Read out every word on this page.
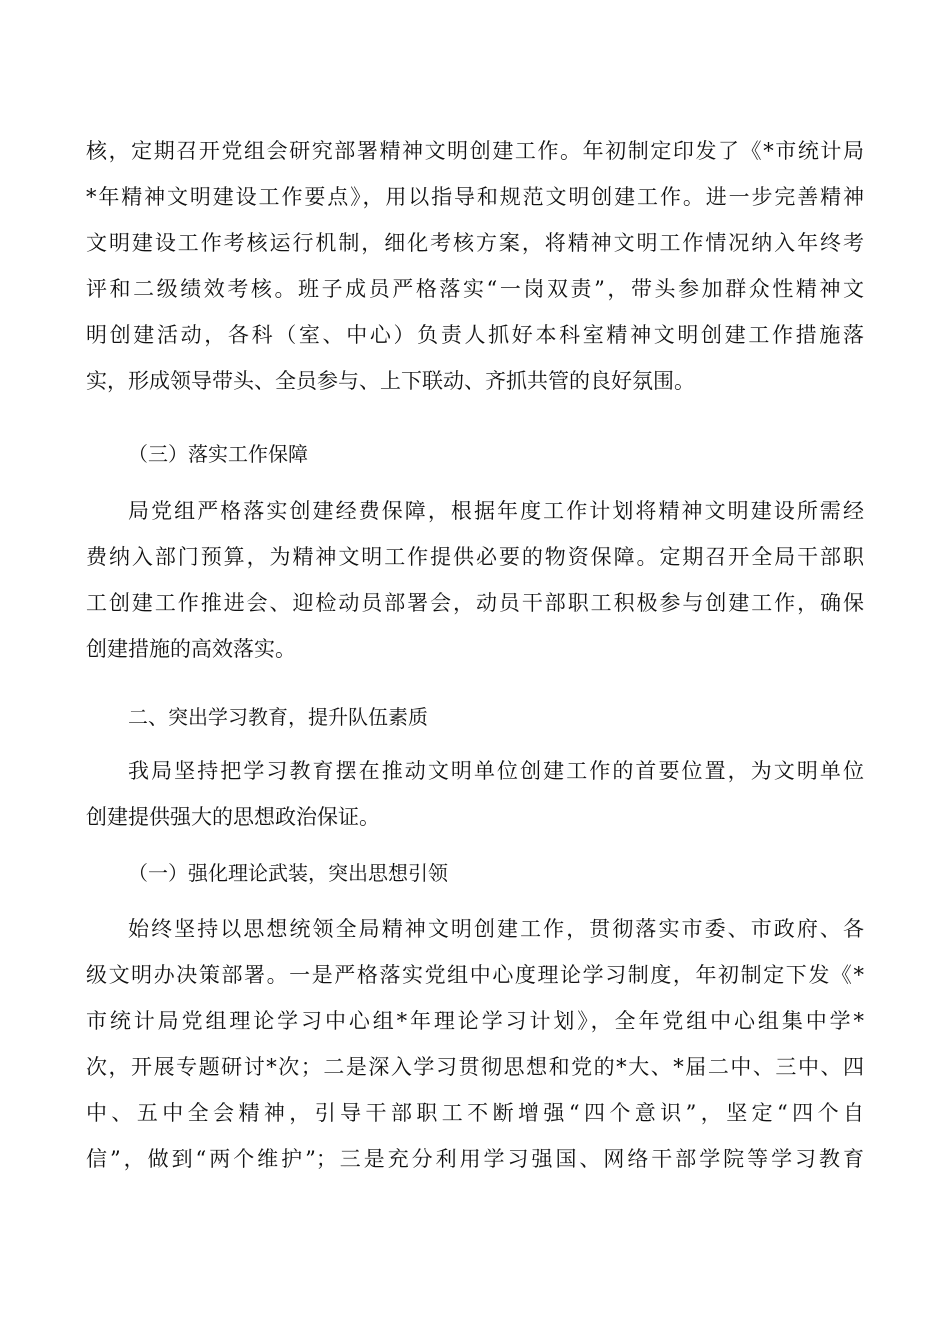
核，定期召开党组会研究部署精神文明创建工作。年初制定印发了《*市统计局
*年精神文明建设工作要点》，用以指导和规范文明创建工作。进一步完善精神
文明建设工作考核运行机制，细化考核方案，将精神文明工作情况纳入年终考
评和二级绩效考核。班子成员严格落实“一岗双责”，带头参加群众性精神文
明创建活动，各科（室、中心）负责人抓好本科室精神文明创建工作措施落
实，形成领导带头、全员参与、上下联动、齐抓共管的良好氛围。
（三）落实工作保障
局党组严格落实创建经费保障，根据年度工作计划将精神文明建设所需经
费纳入部门预算，为精神文明工作提供必要的物资保障。定期召开全局干部职
工创建工作推进会、迎检动员部署会，动员干部职工积极参与创建工作，确保
创建措施的高效落实。
二、突出学习教育，提升队伍素质
我局坚持把学习教育摆在推动文明单位创建工作的首要位置，为文明单位
创建提供强大的思想政治保证。
（一）强化理论武装，突出思想引领
始终坚持以思想统领全局精神文明创建工作，贯彻落实市委、市政府、各
级文明办决策部署。一是严格落实党组中心度理论学习制度，年初制定下发《*
市统计局党组理论学习中心组*年理论学习计划》，全年党组中心组集中学*
次，开展专题研讨*次；二是深入学习贯彻思想和党的*大、*届二中、三中、四
中、五中全会精神，引导干部职工不断增强“四个意识”，坚定“四个自
信”，做到“两个维护”；三是充分利用学习强国、网络干部学院等学习教育
